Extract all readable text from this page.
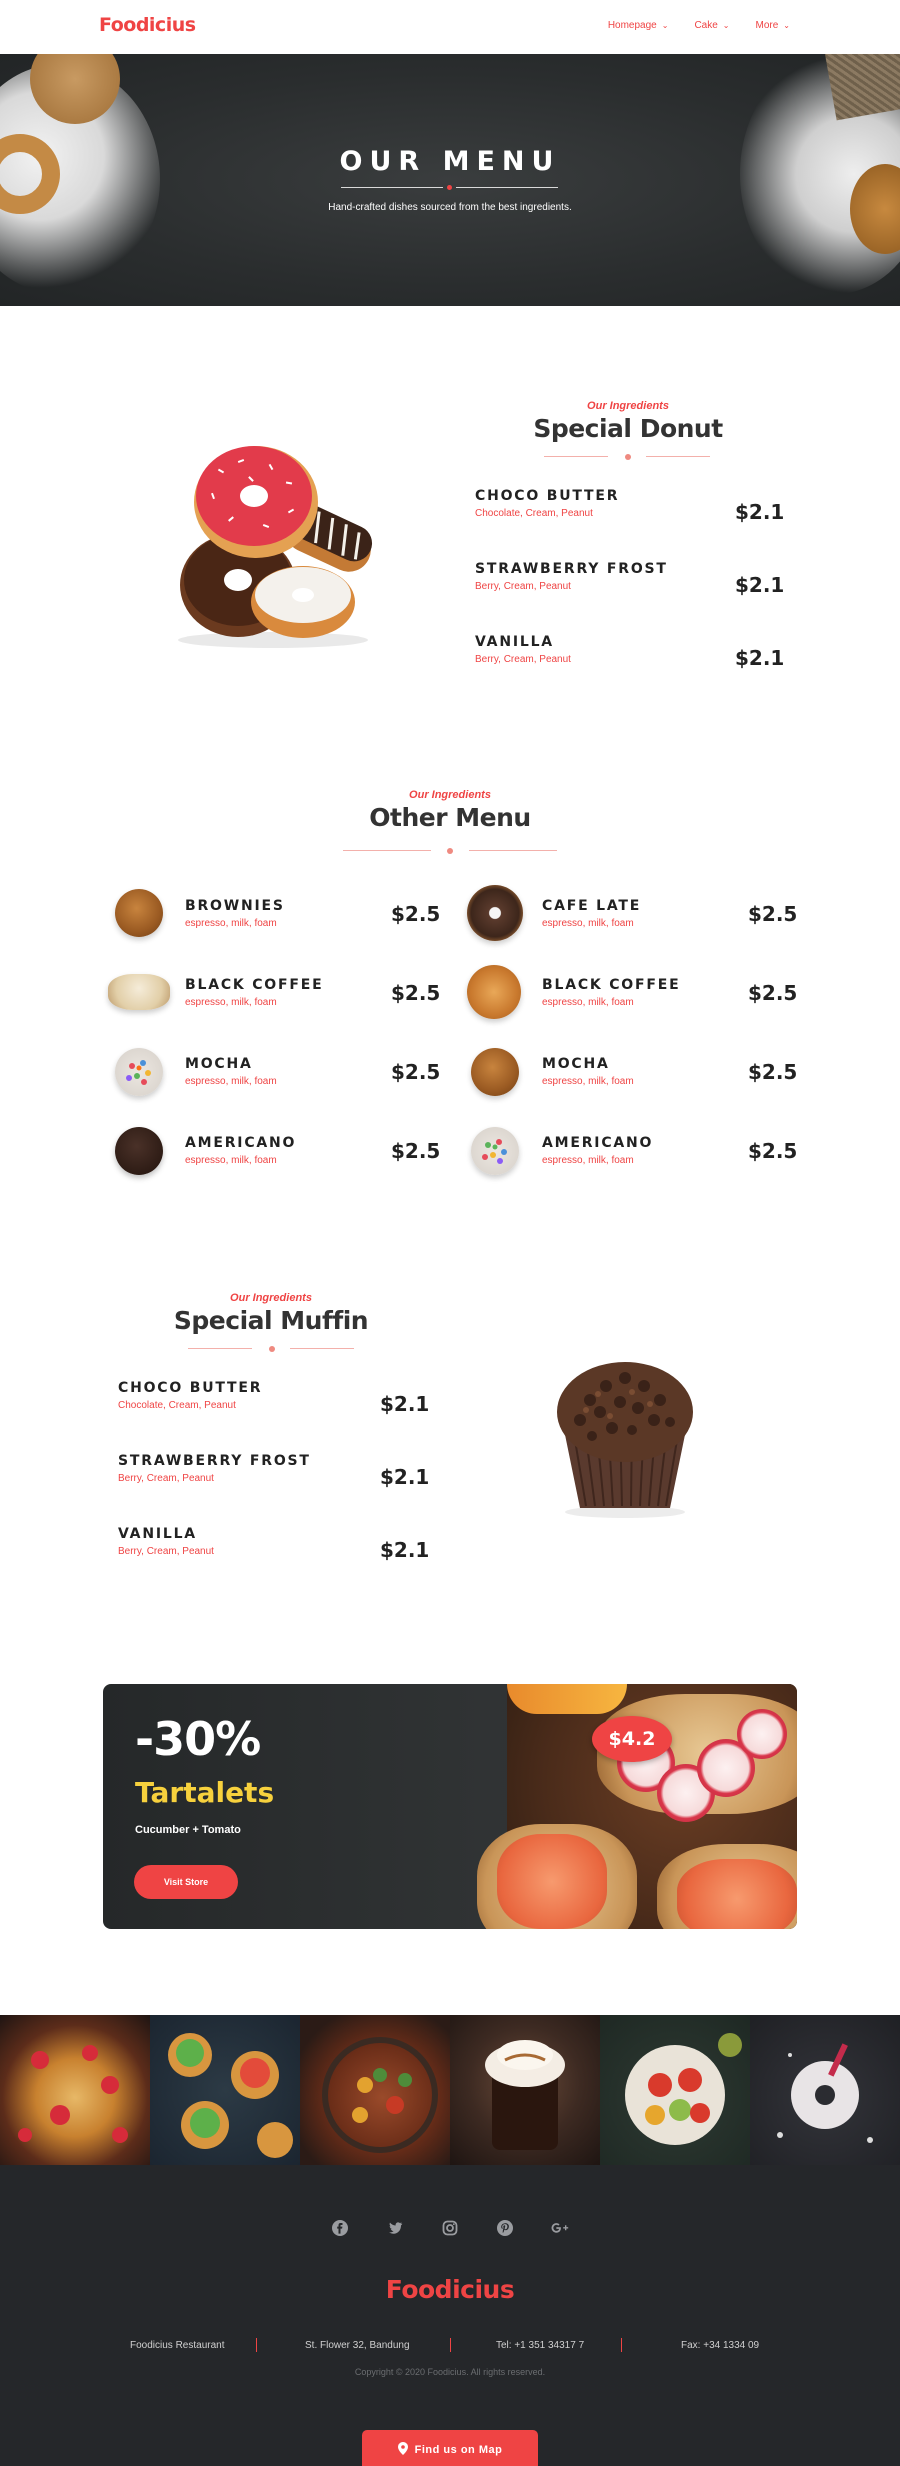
Foodicius	Homepage ⌄	Cake ⌄	More ⌄
OUR MENU
Hand-crafted dishes sourced from the best ingredients.
Our Ingredients
Special Donut
CHOCO BUTTER
Chocolate, Cream, Peanut	$2.1
STRAWBERRY FROST
Berry, Cream, Peanut	$2.1
VANILLA
Berry, Cream, Peanut	$2.1
Our Ingredients
Other Menu
BROWNIES
espresso, milk, foam	$2.5
BLACK COFFEE
espresso, milk, foam	$2.5
MOCHA
espresso, milk, foam	$2.5
AMERICANO
espresso, milk, foam	$2.5
CAFE LATE
espresso, milk, foam	$2.5
BLACK COFFEE
espresso, milk, foam	$2.5
MOCHA
espresso, milk, foam	$2.5
AMERICANO
espresso, milk, foam	$2.5
Our Ingredients
Special Muffin
CHOCO BUTTER
Chocolate, Cream, Peanut	$2.1
STRAWBERRY FROST
Berry, Cream, Peanut	$2.1
VANILLA
Berry, Cream, Peanut	$2.1
-30%
Tartalets
Cucumber + Tomato
Visit Store
$4.2
Foodicius
Foodicius Restaurant	St. Flower 32, Bandung	Tel: +1 351 34317 7	Fax: +34 1334 09
Copyright © 2020 Foodicius. All rights reserved.
Find us on Map
